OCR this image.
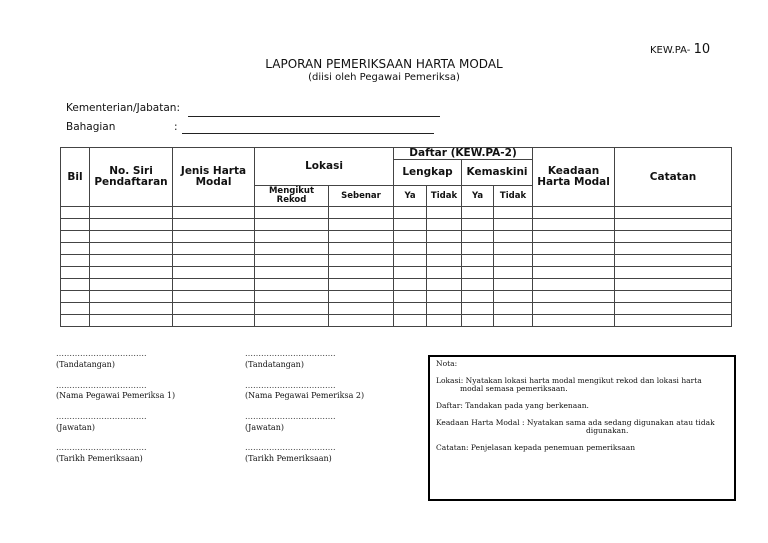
KEW.PA- 10
LAPORAN PEMERIKSAAN HARTA MODAL
(diisi oleh Pegawai Pemeriksa)
Kementerian/Jabatan:
Bahagian	:
Bil	No. Siri Pendaftaran	Jenis Harta Modal	Lokasi		Daftar (KEW.PA-2)				Keadaan Harta Modal	Catatan
					Lengkap		Kemaskini			
			Mengikut Rekod	Sebenar	Ya	Tidak	Ya	Tidak		

…………………………….
(Tandatangan)
…………………………….
(Nama Pegawai Pemeriksa 1)
…………………………….
(Jawatan)
…………………………….
(Tarikh Pemeriksaan)
…………………………….
(Tandatangan)
…………………………….
(Nama Pegawai Pemeriksa 2)
…………………………….
(Jawatan)
…………………………….
(Tarikh Pemeriksaan)

Nota:

Lokasi: Nyatakan lokasi harta modal mengikut rekod dan lokasi harta

modal semasa pemeriksaan.

Daftar: Tandakan pada yang berkenaan.

Keadaan Harta Modal : Nyatakan sama ada sedang digunakan atau tidak

digunakan.

Catatan: Penjelasan kepada penemuan pemeriksaan
